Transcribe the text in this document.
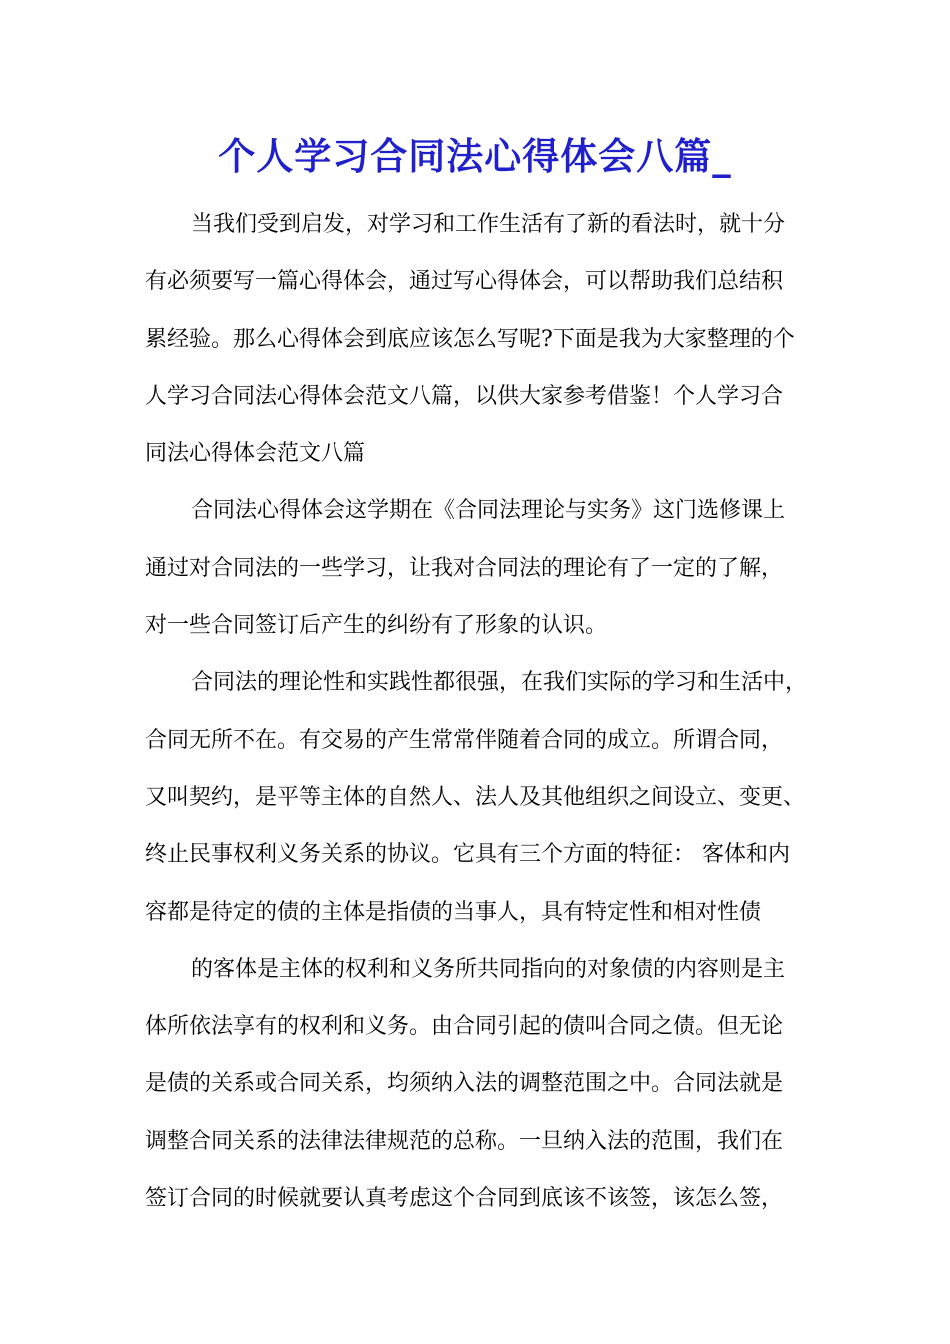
个人学习合同法心得体会八篇_
当我们受到启发，对学习和工作生活有了新的看法时，就十分
有必须要写一篇心得体会，通过写心得体会，可以帮助我们总结积
累经验。那么心得体会到底应该怎么写呢?下面是我为大家整理的个
人学习合同法心得体会范文八篇，以供大家参考借鉴！个人学习合
同法心得体会范文八篇
合同法心得体会这学期在《合同法理论与实务》这门选修课上
通过对合同法的一些学习，让我对合同法的理论有了一定的了解，
对一些合同签订后产生的纠纷有了形象的认识。
合同法的理论性和实践性都很强，在我们实际的学习和生活中，
合同无所不在。有交易的产生常常伴随着合同的成立。所谓合同，
又叫契约，是平等主体的自然人、法人及其他组织之间设立、变更、
终止民事权利义务关系的协议。它具有三个方面的特征： 客体和内
容都是待定的债的主体是指债的当事人，具有特定性和相对性债
的客体是主体的权利和义务所共同指向的对象债的内容则是主
体所依法享有的权利和义务。由合同引起的债叫合同之债。但无论
是债的关系或合同关系，均须纳入法的调整范围之中。合同法就是
调整合同关系的法律法律规范的总称。一旦纳入法的范围，我们在
签订合同的时候就要认真考虑这个合同到底该不该签，该怎么签，
